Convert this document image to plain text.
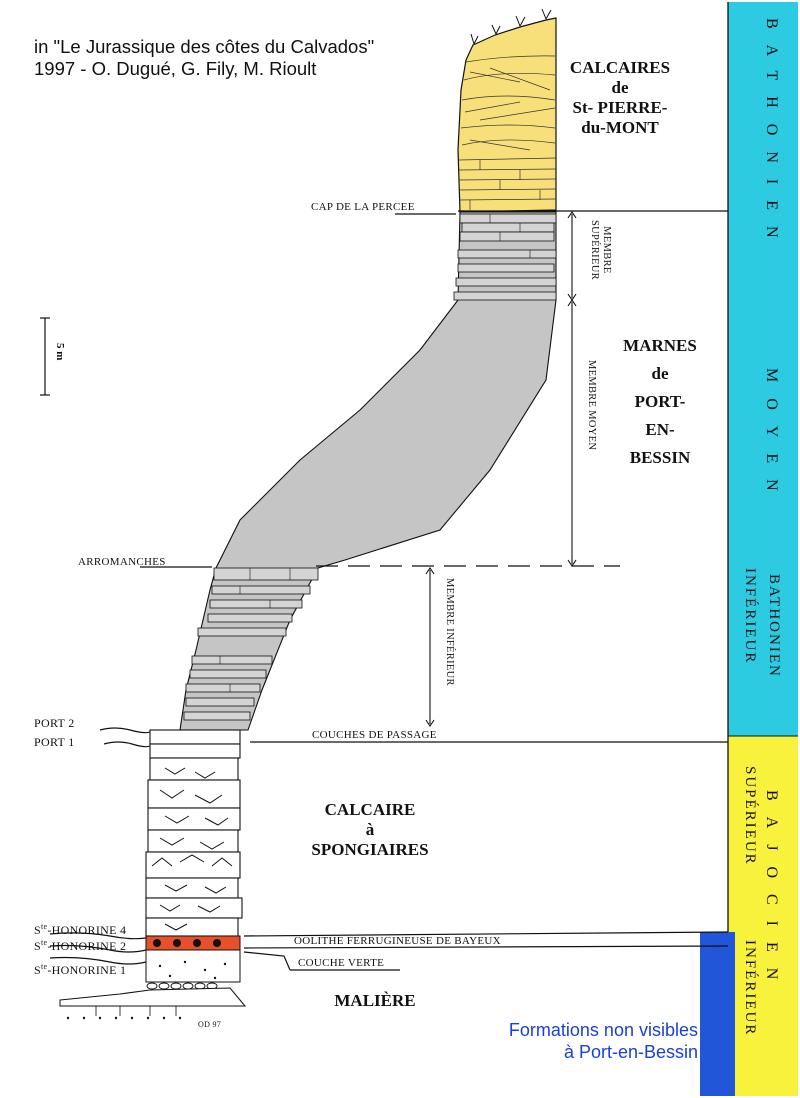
in "Le Jurassique des côtes du Calvados"
1997 - O. Dugué, G. Fily, M. Rioult	CALCAIRES
de
St- PIERRE-
du-MONT
MARNES
de
PORT-
EN-
BESSIN
CALCAIRE
à
SPONGIAIRES
MALIÈRE
CAP DE LA PERCEE
ARROMANCHES
PORT 2
PORT 1
$S^{te}$-HONORINE 4
$S^{te}$-HONORINE 2
$S^{te}$-HONORINE 1
COUCHES DE PASSAGE
OOLITHE FERRUGINEUSE DE BAYEUX
COUCHE VERTE
MEMBRE
SUPÉRIEUR
MEMBRE MOYEN
MEMBRE INFÉRIEUR
5 m
OD 97
BATHONIEN
MOYEN
BATHONIEN
INFÉRIEUR
BAJOCIEN
SUPÉRIEUR
INFÉRIEUR
Formations non visibles
à Port-en-Bessin
